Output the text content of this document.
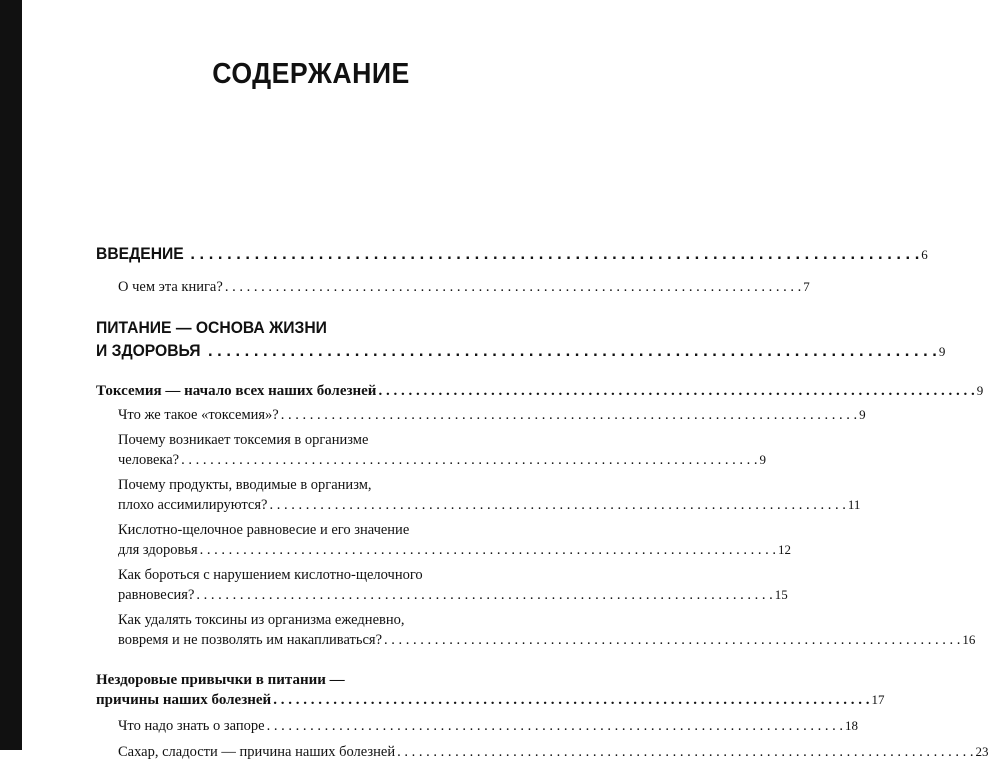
СОДЕРЖАНИЕ
ВВЕДЕНИЕ . . .	6
О чем эта книга? . . .	7
ПИТАНИЕ — ОСНОВА ЖИЗНИ
И ЗДОРОВЬЯ . . .	9
Токсемия — начало всех наших болезней . . .	9
Что же такое «токсемия»? . . .	9
Почему возникает токсемия в организме
человека? . . .	9
Почему продукты, вводимые в организм,
плохо ассимилируются? . . .	11
Кислотно-щелочное равновесие и его значение
для здоровья . . .	12
Как бороться с нарушением кислотно-щелочного
равновесия? . . .	15
Как удалять токсины из организма ежедневно,
вовремя и не позволять им накапливаться? . . .	16
Нездоровые привычки в питании —
причины наших болезней . . .	17
Что надо знать о запоре . . .	18
Сахар, сладости — причина наших болезней . . .	23
